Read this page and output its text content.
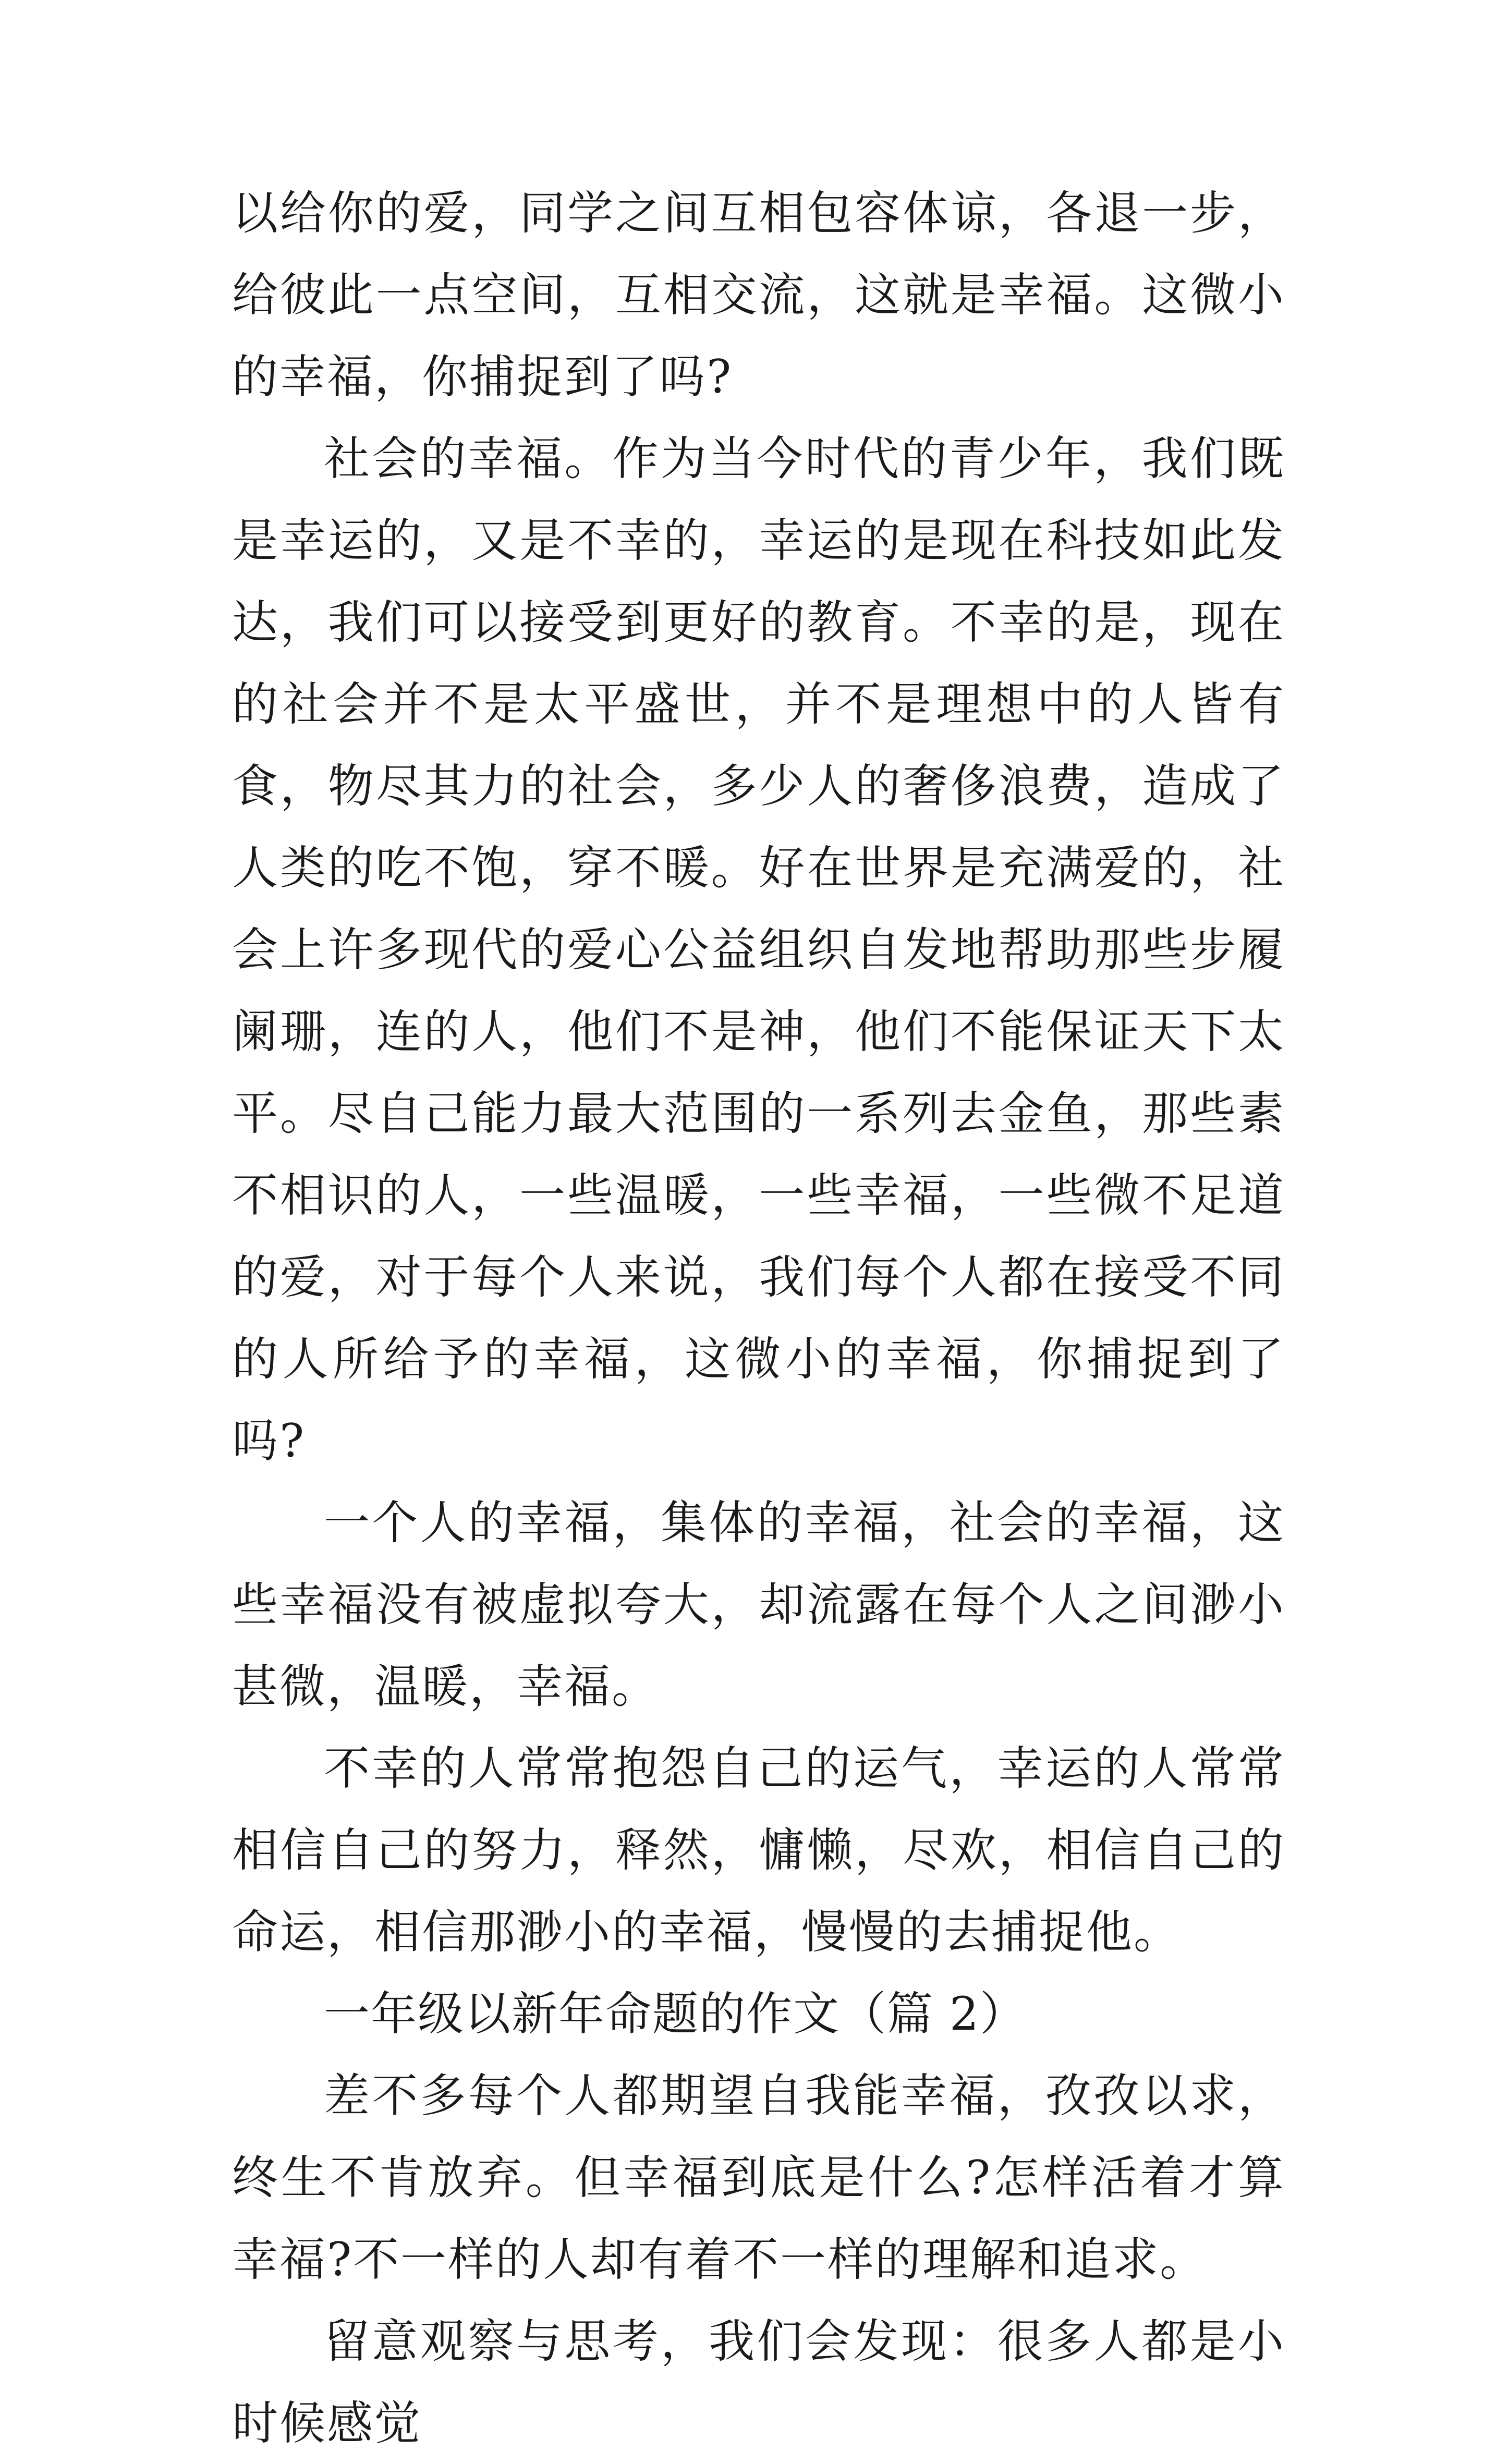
以给你的爱，同学之间互相包容体谅，各退一步，给彼此一点空间，互相交流，这就是幸福。这微小的幸福，你捕捉到了吗?

社会的幸福。作为当今时代的青少年，我们既是幸运的，又是不幸的，幸运的是现在科技如此发达，我们可以接受到更好的教育。不幸的是，现在的社会并不是太平盛世，并不是理想中的人皆有食，物尽其力的社会，多少人的奢侈浪费，造成了人类的吃不饱，穿不暖。好在世界是充满爱的，社会上许多现代的爱心公益组织自发地帮助那些步履阑珊，连的人，他们不是神，他们不能保证天下太平。尽自己能力最大范围的一系列去金鱼，那些素不相识的人，一些温暖，一些幸福，一些微不足道的爱，对于每个人来说，我们每个人都在接受不同的人所给予的幸福，这微小的幸福，你捕捉到了吗?

一个人的幸福，集体的幸福，社会的幸福，这些幸福没有被虚拟夸大，却流露在每个人之间渺小甚微，温暖，幸福。

不幸的人常常抱怨自己的运气，幸运的人常常相信自己的努力，释然，慵懒，尽欢，相信自己的命运，相信那渺小的幸福，慢慢的去捕捉他。

一年级以新年命题的作文（篇 2）

差不多每个人都期望自我能幸福，孜孜以求，终生不肯放弃。但幸福到底是什么?怎样活着才算幸福?不一样的人却有着不一样的理解和追求。

留意观察与思考，我们会发现：很多人都是小时候感觉
